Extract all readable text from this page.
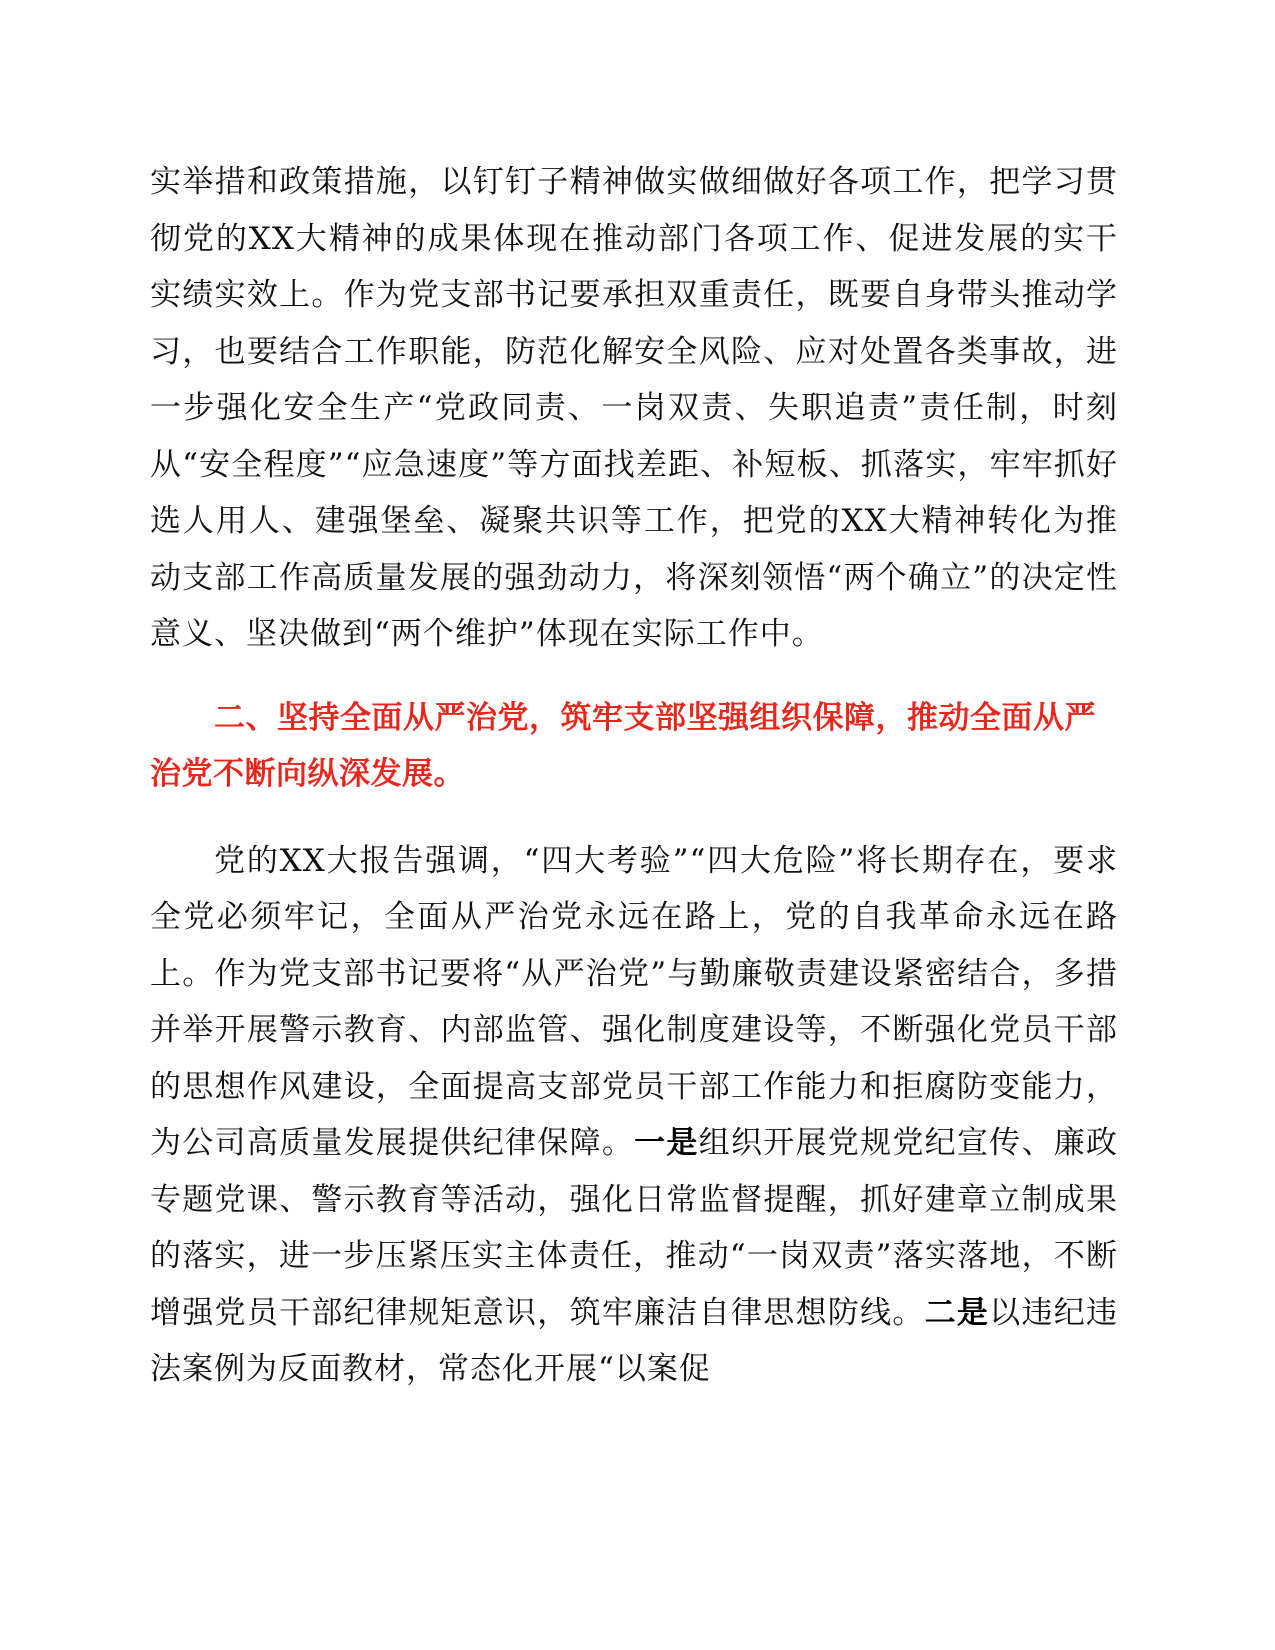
实举措和政策措施，以钉钉子精神做实做细做好各项工作，把学习贯彻党的XX大精神的成果体现在推动部门各项工作、促进发展的实干实绩实效上。作为党支部书记要承担双重责任，既要自身带头推动学习，也要结合工作职能，防范化解安全风险、应对处置各类事故，进一步强化安全生产“党政同责、一岗双责、失职追责”责任制，时刻从“安全程度”“应急速度”等方面找差距、补短板、抓落实，牢牢抓好选人用人、建强堡垒、凝聚共识等工作，把党的XX大精神转化为推动支部工作高质量发展的强劲动力，将深刻领悟“两个确立”的决定性意义、坚决做到“两个维护”体现在实际工作中。

二、坚持全面从严治党，筑牢支部坚强组织保障，推动全面从严治党不断向纵深发展。

党的XX大报告强调，“四大考验”“四大危险”将长期存在，要求全党必须牢记，全面从严治党永远在路上，党的自我革命永远在路上。作为党支部书记要将“从严治党”与勤廉敬责建设紧密结合，多措并举开展警示教育、内部监管、强化制度建设等，不断强化党员干部的思想作风建设，全面提高支部党员干部工作能力和拒腐防变能力，为公司高质量发展提供纪律保障。一是组织开展党规党纪宣传、廉政专题党课、警示教育等活动，强化日常监督提醒，抓好建章立制成果的落实，进一步压紧压实主体责任，推动“一岗双责”落实落地，不断增强党员干部纪律规矩意识，筑牢廉洁自律思想防线。二是以违纪违法案例为反面教材，常态化开展“以案促
